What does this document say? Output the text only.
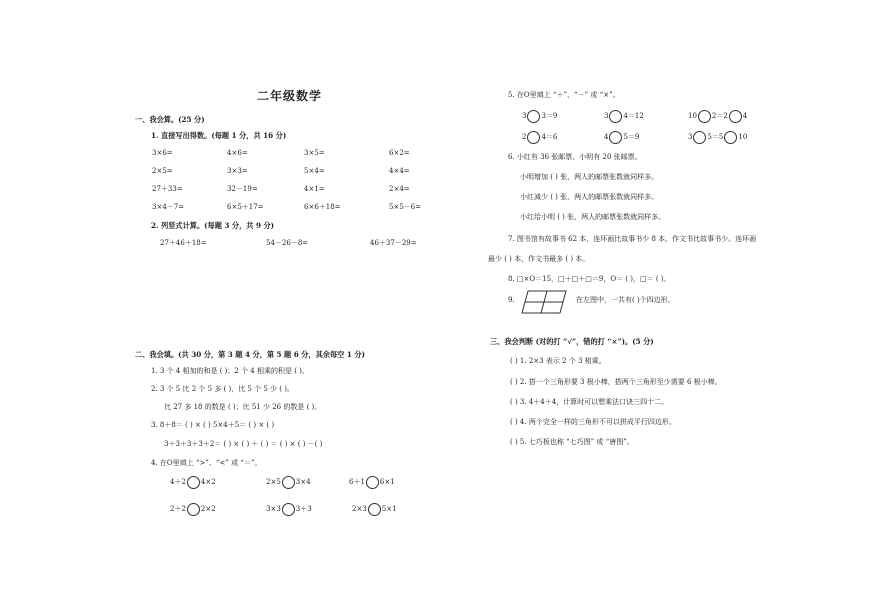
二年级数学
一、我会算。(25 分)
1. 直接写出得数。(每题 1 分，共 16 分)
3×6=	4×6=	3×5=	6×2=
2×5=	3×3=	5×4=	4×4=
27＋33=	32－19=	4×1=	2×4=
3×4－7=	6×5＋17=	6×6＋18=	5×5－6=
2. 列竖式计算。(每题 3 分，共 9 分)
27＋46＋18=	54－26－8=	46＋37－29=
二、我会填。(共 30 分，第 3 题 4 分，第 5 题 6 分，其余每空 1 分)
1. 3 个 4 相加的和是 ( )；2 个 4 相乘的积是 ( )。
2. 3 个 5 比 2 个 5 多 ( )，比 5 个 5 少 ( )。
比 27 多 18 的数是 ( )；比 51 少 26 的数是 ( )。
3. 8＋8＝ ( ) × ( ) 5×4＋5＝ ( ) × ( )
3＋3＋3＋3＋2＝ ( ) × ( ) ＋ ( ) ＝ ( ) × ( ) －( )
4. 在O里填上 “>”、“<” 或 “＝”。
4＋2 4×2	2×5 3×4	6＋1 6×1
2＋2 2×2	3×3 3＋3	2×3 5×1
5. 在O里填上 “＋”、“－” 或 “×”。
3 3＝9	3 4＝12	10 2＝2 4
2 4＝6	4 5＝9	3 5＝5 10
6. 小红有 36 张邮票，小明有 20 张邮票。
小明增加 ( ) 张，两人的邮票张数就同样多。
小红减少 ( ) 张，两人的邮票张数就同样多。
小红给小明 ( ) 张，两人的邮票张数就同样多。
7. 图书馆有故事书 62 本，连环画比故事书少 8 本，作文书比故事书少。连环画
最少 ( ) 本，作文书最多 ( ) 本。
8. □×O＝15，□＋□＋□＝9，O＝ ( )，□＝ ( )。
9.	在左图中，一共有( )个四边形。
三、我会判断 (对的打 “√”，错的打 “×”)。(5 分)
( ) 1. 2×3 表示 2 个 3 相乘。
( ) 2. 搭一个三角形要 3 根小棒，搭两个三角形至少需要 6 根小棒。
( ) 3. 4＋4＋4，计算时可以想乘法口诀三四十二。
( ) 4. 两个完全一样的三角形不可以拼成平行四边形。
( ) 5. 七巧板也称 “七巧图” 或 “唐图”。
